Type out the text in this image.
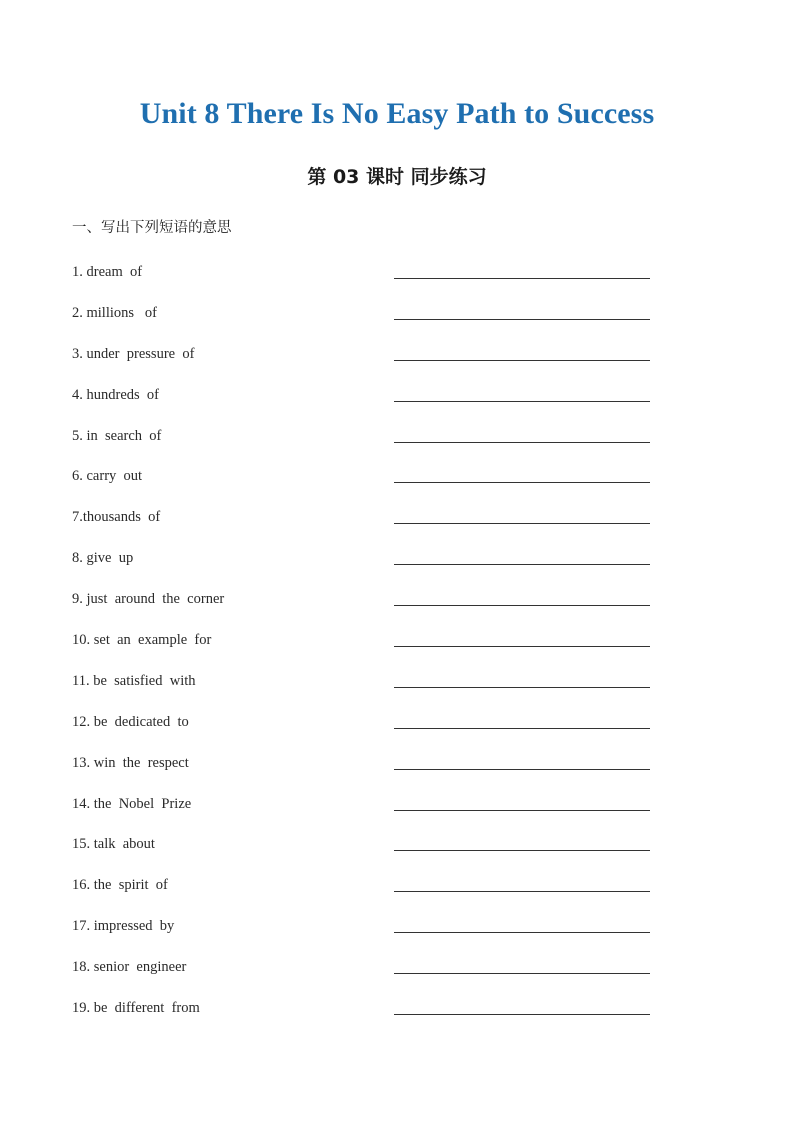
Unit 8 There Is No Easy Path to Success
第 03 课时 同步练习
一、写出下列短语的意思
1. dream  of
2. millions   of
3. under  pressure  of
4. hundreds  of
5. in  search  of
6. carry  out
7.thousands  of
8. give  up
9. just  around  the  corner
10. set  an  example  for
11. be  satisfied  with
12. be  dedicated  to
13. win  the  respect
14. the  Nobel  Prize
15. talk  about
16. the  spirit  of
17. impressed  by
18. senior  engineer
19. be  different  from
